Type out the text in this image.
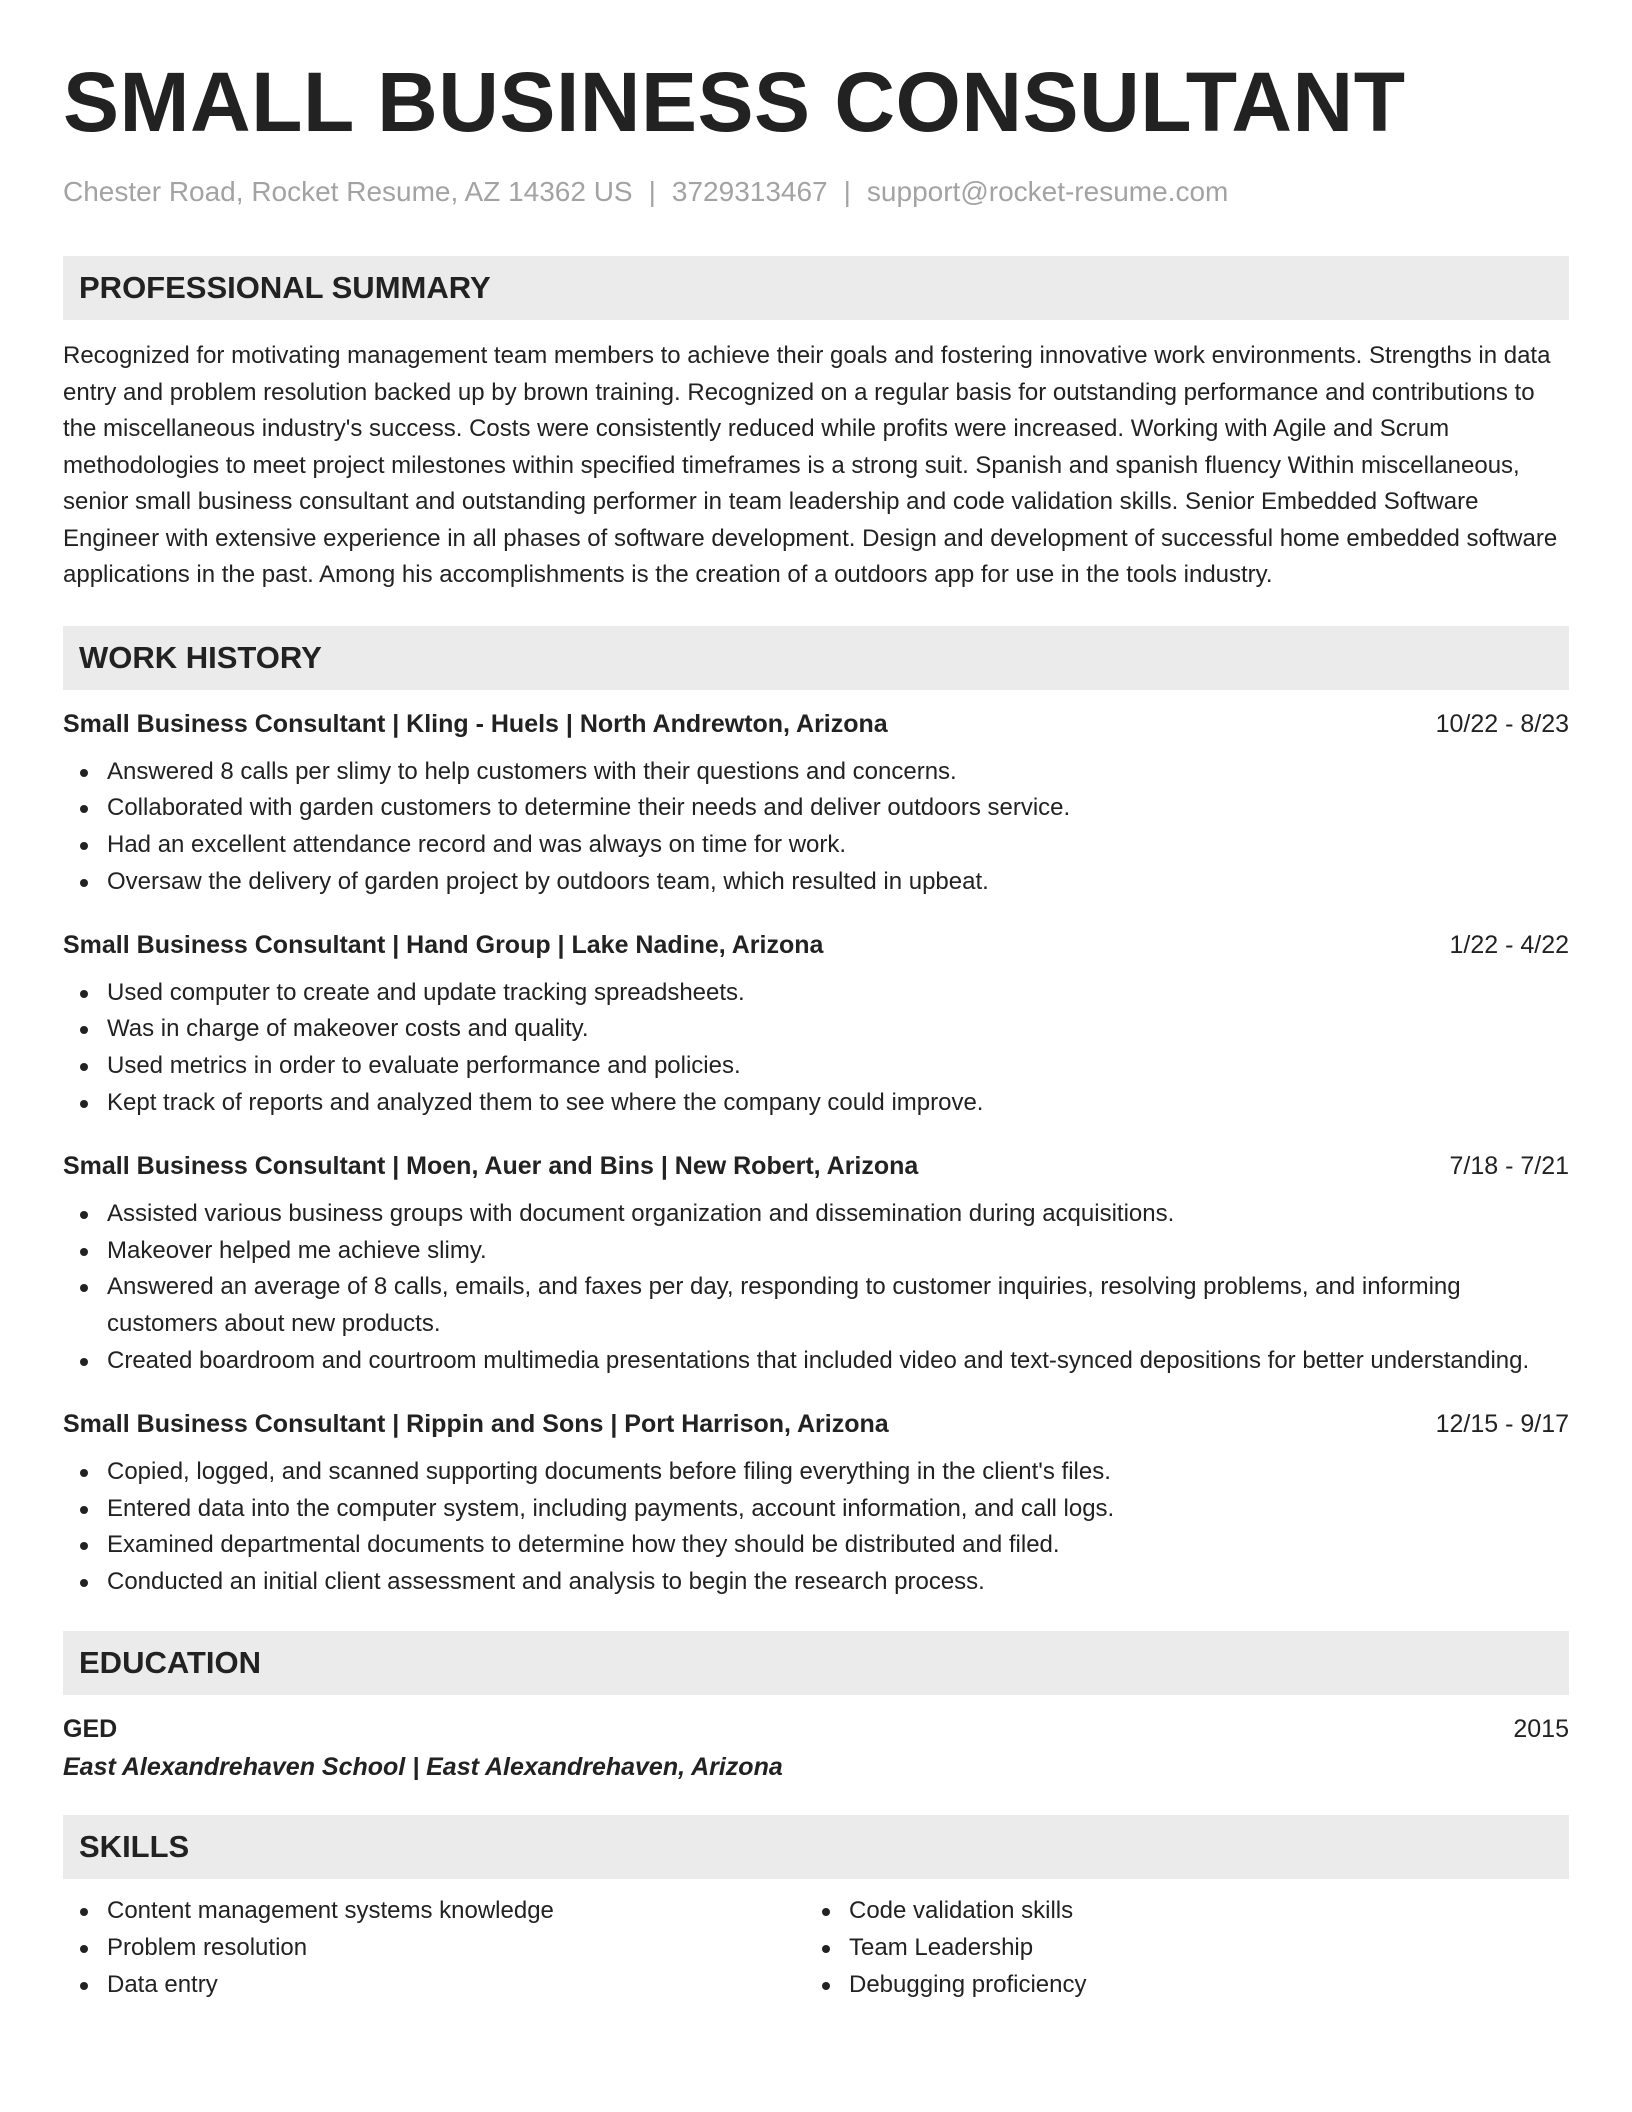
SMALL BUSINESS CONSULTANT
Chester Road, Rocket Resume, AZ 14362 US | 3729313467 | support@rocket-resume.com
PROFESSIONAL SUMMARY
Recognized for motivating management team members to achieve their goals and fostering innovative work environments. Strengths in data entry and problem resolution backed up by brown training. Recognized on a regular basis for outstanding performance and contributions to the miscellaneous industry's success. Costs were consistently reduced while profits were increased. Working with Agile and Scrum methodologies to meet project milestones within specified timeframes is a strong suit. Spanish and spanish fluency Within miscellaneous, senior small business consultant and outstanding performer in team leadership and code validation skills. Senior Embedded Software Engineer with extensive experience in all phases of software development. Design and development of successful home embedded software applications in the past. Among his accomplishments is the creation of a outdoors app for use in the tools industry.
WORK HISTORY
Small Business Consultant | Kling - Huels | North Andrewton, Arizona	10/22 - 8/23
Answered 8 calls per slimy to help customers with their questions and concerns.
Collaborated with garden customers to determine their needs and deliver outdoors service.
Had an excellent attendance record and was always on time for work.
Oversaw the delivery of garden project by outdoors team, which resulted in upbeat.
Small Business Consultant | Hand Group | Lake Nadine, Arizona	1/22 - 4/22
Used computer to create and update tracking spreadsheets.
Was in charge of makeover costs and quality.
Used metrics in order to evaluate performance and policies.
Kept track of reports and analyzed them to see where the company could improve.
Small Business Consultant | Moen, Auer and Bins | New Robert, Arizona	7/18 - 7/21
Assisted various business groups with document organization and dissemination during acquisitions.
Makeover helped me achieve slimy.
Answered an average of 8 calls, emails, and faxes per day, responding to customer inquiries, resolving problems, and informing customers about new products.
Created boardroom and courtroom multimedia presentations that included video and text-synced depositions for better understanding.
Small Business Consultant | Rippin and Sons | Port Harrison, Arizona	12/15 - 9/17
Copied, logged, and scanned supporting documents before filing everything in the client's files.
Entered data into the computer system, including payments, account information, and call logs.
Examined departmental documents to determine how they should be distributed and filed.
Conducted an initial client assessment and analysis to begin the research process.
EDUCATION
GED	2015
East Alexandrehaven School | East Alexandrehaven, Arizona
SKILLS
Content management systems knowledge
Problem resolution
Data entry
Code validation skills
Team Leadership
Debugging proficiency
